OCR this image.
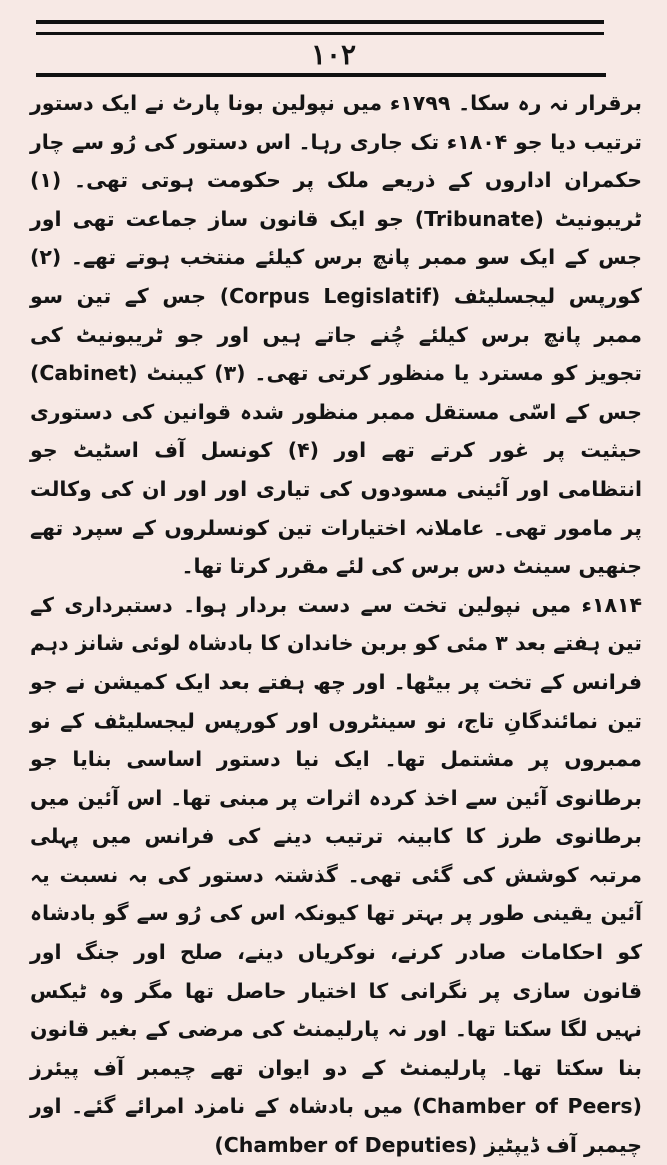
۱۰۲

برقرار نہ رہ سکا۔ ۱۷۹۹ء میں نپولین بونا پارٹ نے ایک دستور ترتیب دیا جو ۱۸۰۴ء تک جاری رہا۔ اس دستور کی رُو سے چار حکمران اداروں کے ذریعے ملک پر حکومت ہوتی تھی۔ (۱) ٹریبونیٹ (Tribunate) جو ایک قانون ساز جماعت تھی اور جس کے ایک سو ممبر پانچ برس کیلئے منتخب ہوتے تھے۔ (۲) کورپس لیجسلیٹف (Corpus Legislatif) جس کے تین سو ممبر پانچ برس کیلئے چُنے جاتے ہیں اور جو ٹریبونیٹ کی تجویز کو مسترد یا منظور کرتی تھی۔ (۳) کیبنٹ (Cabinet) جس کے اسّی مستقل ممبر منظور شدہ قوانین کی دستوری حیثیت پر غور کرتے تھے اور (۴) کونسل آف اسٹیٹ جو انتظامی اور آئینی مسودوں کی تیاری اور اور ان کی وکالت پر مامور تھی۔ عاملانہ اختیارات تین کونسلروں کے سپرد تھے جنھیں سینٹ دس برس کی لئے مقرر کرتا تھا۔

۱۸۱۴ء میں نپولین تخت سے دست بردار ہوا۔ دستبرداری کے تین ہفتے بعد ۳ مئی کو بربن خاندان کا بادشاہ لوئی شانز دہم فرانس کے تخت پر بیٹھا۔ اور چھ ہفتے بعد ایک کمیشن نے جو تین نمائندگانِ تاج، نو سینٹروں اور کورپس لیجسلیٹف کے نو ممبروں پر مشتمل تھا۔ ایک نیا دستور اساسی بنایا جو برطانوی آئین سے اخذ کردہ اثرات پر مبنی تھا۔ اس آئین میں برطانوی طرز کا کابینہ ترتیب دینے کی فرانس میں پہلی مرتبہ کوشش کی گئی تھی۔ گذشتہ دستور کی بہ نسبت یہ آئین یقینی طور پر بہتر تھا کیونکہ اس کی رُو سے گو بادشاہ کو احکامات صادر کرنے، نوکریاں دینے، صلح اور جنگ اور قانون سازی پر نگرانی کا اختیار حاصل تھا مگر وہ ٹیکس نہیں لگا سکتا تھا۔ اور نہ پارلیمنٹ کی مرضی کے بغیر قانون بنا سکتا تھا۔ پارلیمنٹ کے دو ایوان تھے چیمبر آف پیئرز (Chamber of Peers) میں بادشاہ کے نامزد امرائے گئے۔ اور چیمبر آف ڈیپٹیز (Chamber of Deputies)
